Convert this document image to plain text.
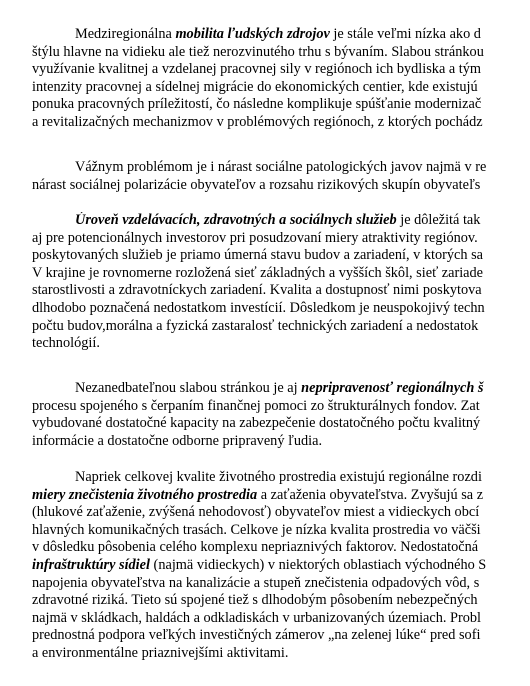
Medziregionálna mobilita ľudských zdrojov je stále veľmi nízka ako d
štýlu hlavne na vidieku ale tiež nerozvinutého trhu s bývaním. Slabou stránkou
využívanie kvalitnej a vzdelanej pracovnej sily v regiónoch ich bydliska a tým
intenzity pracovnej a sídelnej migrácie do ekonomických centier, kde existujú
ponuka pracovných príležitostí, čo následne komplikuje spúšťanie modernizač
a revitalizačných mechanizmov v problémových regiónoch, z ktorých pochádz
Vážnym problémom je i nárast sociálne patologických javov najmä v re
nárast sociálnej polarizácie obyvateľov a rozsahu rizikových skupín obyvateľs
Úroveň vzdelávacích, zdravotných a sociálnych služieb je dôležitá tak
aj pre potencionálnych investorov pri posudzovaní miery atraktivity regiónov.
poskytovaných služieb je priamo úmerná stavu budov a zariadení, v ktorých sa
V krajine je rovnomerne rozložená sieť základných a vyšších škôl, sieť zariade
starostlivosti a zdravotníckych zariadení. Kvalita a dostupnosť nimi poskytova
dlhodobo poznačená nedostatkom investícií. Dôsledkom je neuspokojivý techn
počtu budov,morálna a fyzická zastaralosť technických zariadení a nedostatok
technológií.
Nezanedbateľnou slabou stránkou je aj nepripravenosť regionálnych š
procesu spojeného s čerpaním finančnej pomoci zo štrukturálnych fondov. Zat
vybudované dostatočné kapacity na zabezpečenie dostatočného počtu kvalitný
informácie a dostatočne odborne pripravený ľudia.
Napriek celkovej kvalite životného prostredia existujú regionálne rozdi
miery znečistenia životného prostredia a zaťaženia obyvateľstva. Zvyšujú sa z
(hlukové zaťaženie, zvýšená nehodovosť) obyvateľov miest a vidieckych obcí
hlavných komunikačných trasách. Celkove je nízka kvalita prostredia vo väčši
v dôsledku pôsobenia celého komplexu nepriaznivých faktorov. Nedostatočná
infraštruktúry sídiel (najmä vidieckych) v niektorých oblastiach východného S
napojenia obyvateľstva na kanalizácie a stupeň znečistenia odpadových vôd, s
zdravotné riziká. Tieto sú spojené tiež s dlhodobým pôsobením nebezpečných
najmä v skládkach, haldách a odkladiskách v urbanizovaných územiach. Probl
prednostná podpora veľkých investičných zámerov „na zelenej lúke“ pred sofi
a environmentálne priaznivejšími aktivitami.
